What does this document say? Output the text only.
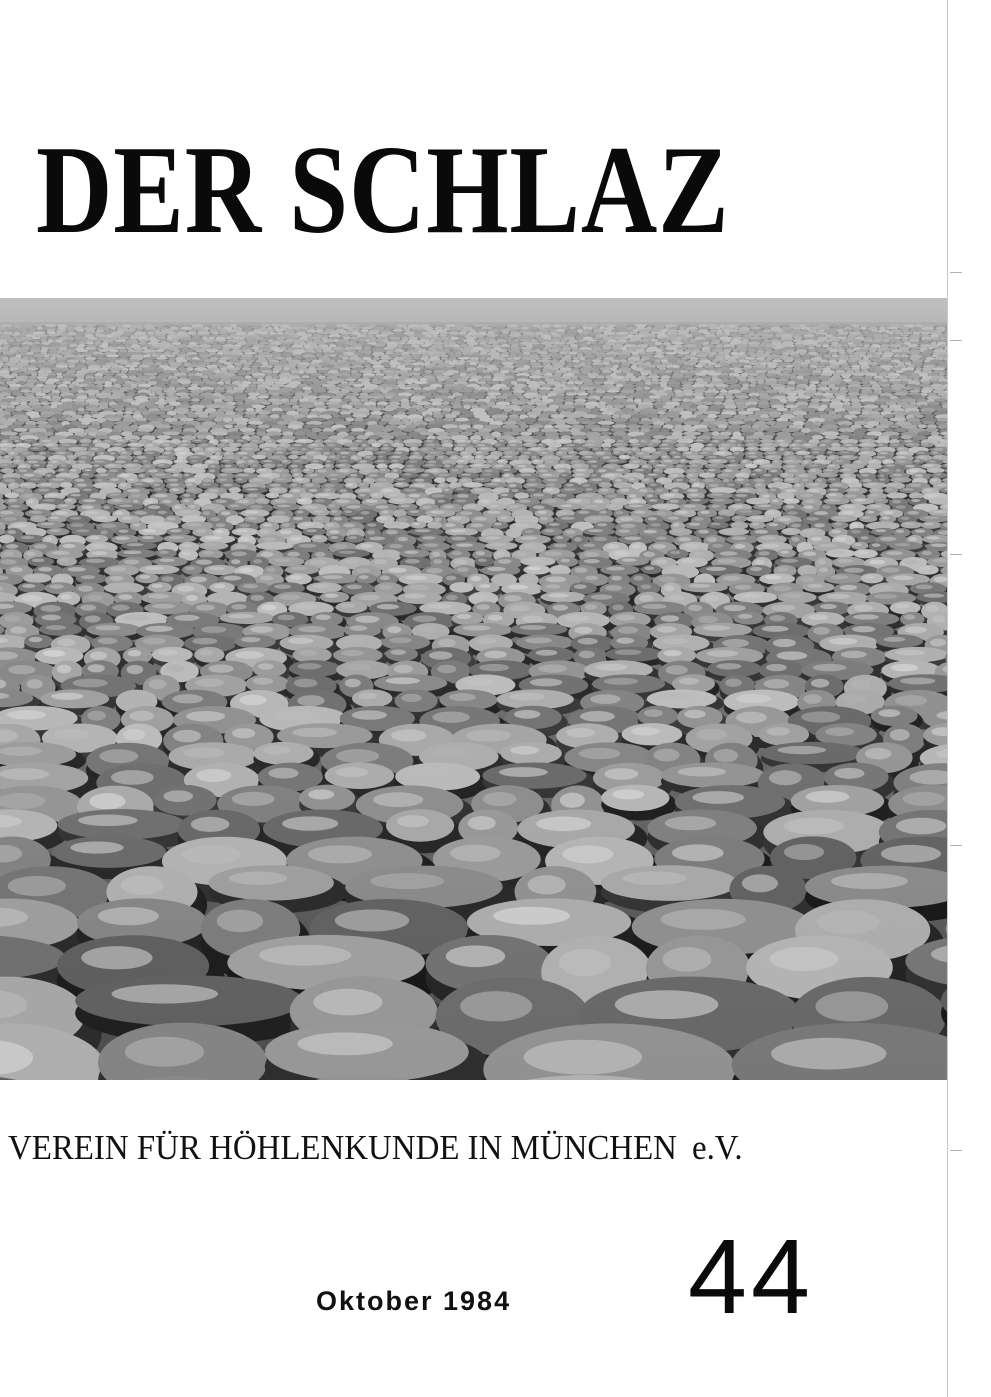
DER SCHLAZ

VEREIN FÜR HÖHLENKUNDE IN MÜNCHEN e.V.

Oktober 1984 44
